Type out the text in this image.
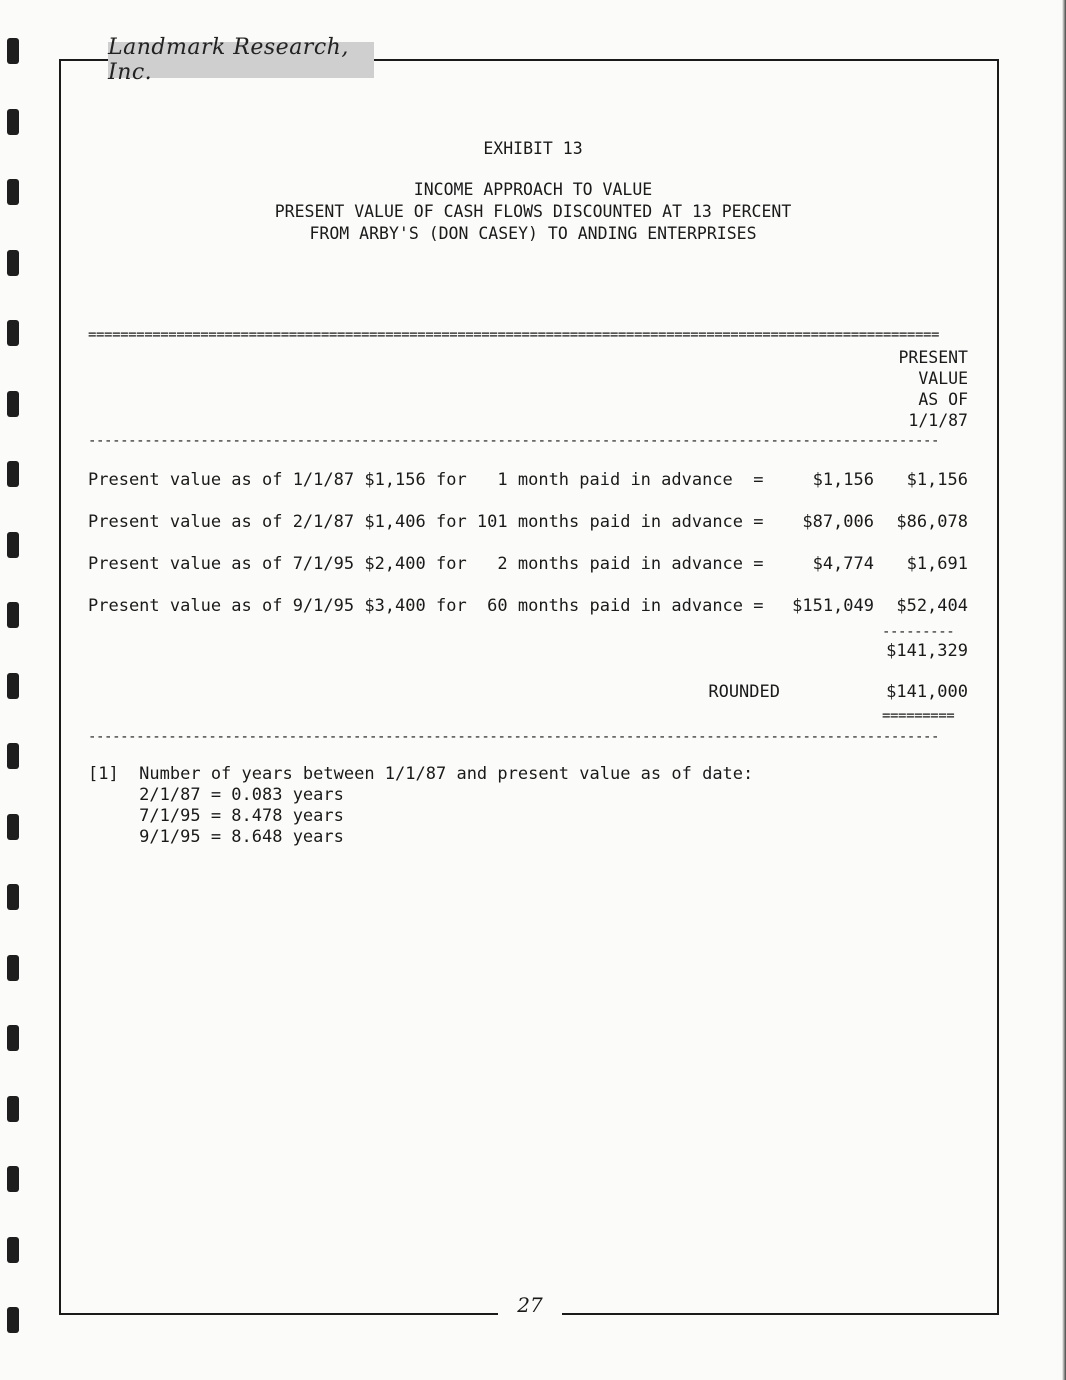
Landmark Research, Inc.
EXHIBIT 13
INCOME APPROACH TO VALUE
PRESENT VALUE OF CASH FLOWS DISCOUNTED AT 13 PERCENT
FROM ARBY'S (DON CASEY) TO ANDING ENTERPRISES
==========================================================================================================
PRESENT
VALUE
AS OF
1/1/87
----------------------------------------------------------------------------------------------------------
Present value as of 1/1/87 $1,156 for   1 month paid in advance  =	$1,156 $1,156
Present value as of 2/1/87 $1,406 for 101 months paid in advance = $87,006 $86,078
Present value as of 7/1/95 $2,400 for   2 months paid in advance =	$4,774 $1,691
Present value as of 9/1/95 $3,400 for  60 months paid in advance = $151,049 $52,404
---------
$141,329
ROUNDED	$141,000
=========
----------------------------------------------------------------------------------------------------------
[1]  Number of years between 1/1/87 and present value as of date:
2/1/87 = 0.083 years
7/1/95 = 8.478 years
9/1/95 = 8.648 years
27
